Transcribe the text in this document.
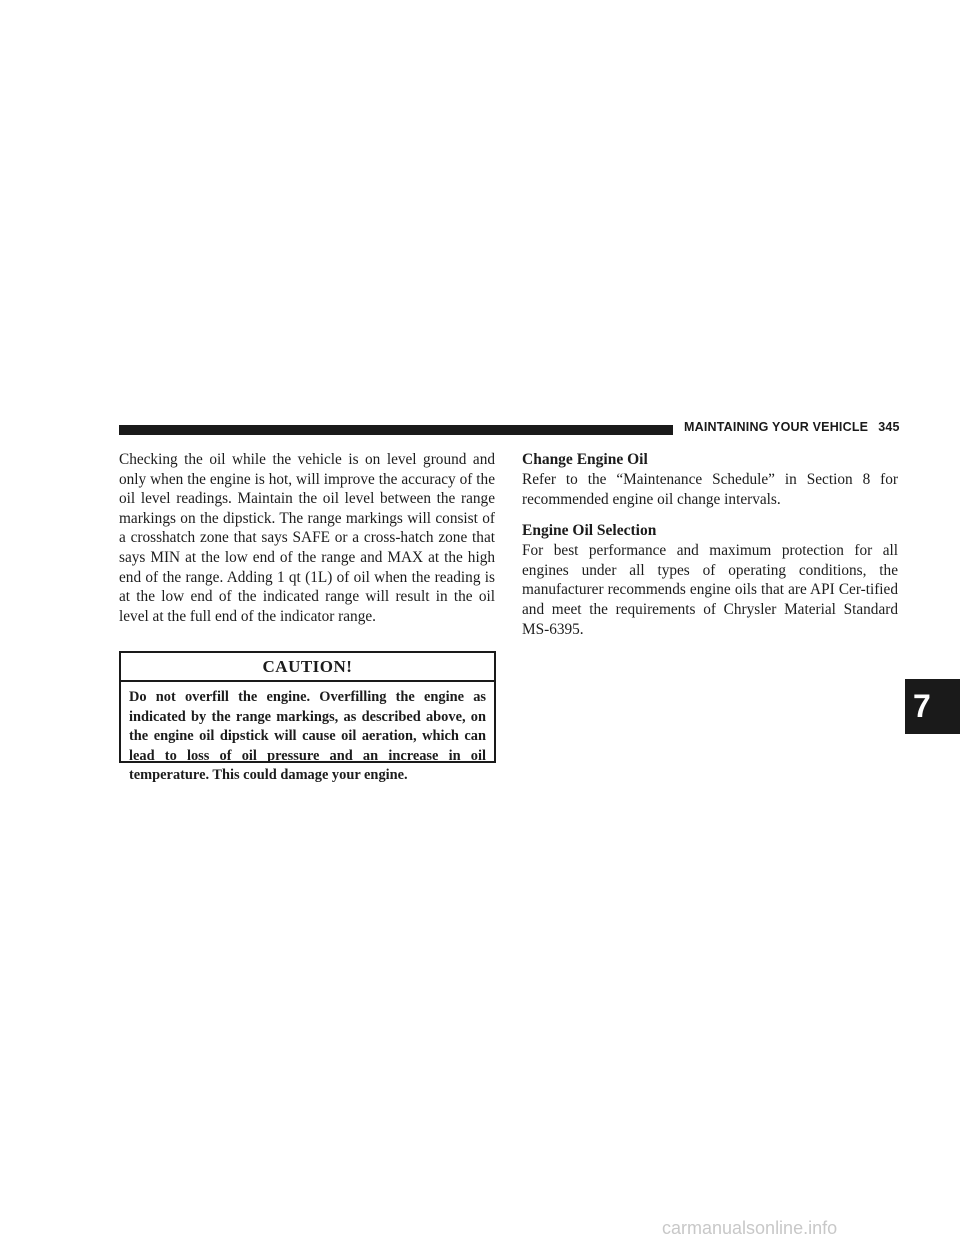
MAINTAINING YOUR VEHICLE 345

Checking the oil while the vehicle is on level ground and only when the engine is hot, will improve the accuracy of the oil level readings. Maintain the oil level between the range markings on the dipstick. The range markings will consist of a crosshatch zone that says SAFE or a cross-hatch zone that says MIN at the low end of the range and MAX at the high end of the range. Adding 1 qt (1L) of oil when the reading is at the low end of the indicated range will result in the oil level at the full end of the indicator range.

CAUTION!

Do not overfill the engine. Overfilling the engine as indicated by the range markings, as described above, on the engine oil dipstick will cause oil aeration, which can lead to loss of oil pressure and an increase in oil temperature. This could damage your engine.

Change Engine Oil

Refer to the “Maintenance Schedule” in Section 8 for recommended engine oil change intervals.

Engine Oil Selection

For best performance and maximum protection for all engines under all types of operating conditions, the manufacturer recommends engine oils that are API Cer-tified and meet the requirements of Chrysler Material Standard MS-6395.

7
carmanualsonline.info
